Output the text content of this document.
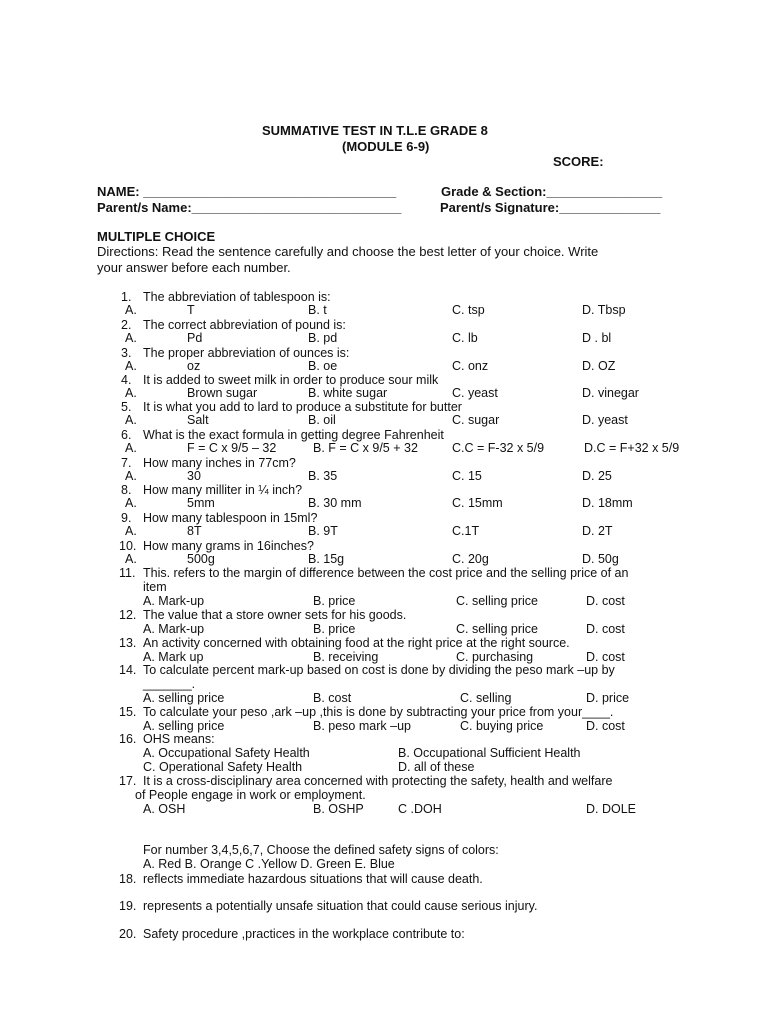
SUMMATIVE TEST IN T.L.E GRADE 8
(MODULE 6-9)
SCORE:
NAME: ___________________________________	Grade & Section:________________
Parent/s Name:_____________________________	Parent/s Signature:______________
MULTIPLE CHOICE
Directions: Read the sentence carefully and choose the best letter of your choice. Write
your answer before each number.
1. The abbreviation of tablespoon is:
A.	T	B. t	C. tsp	D. Tbsp
2. The correct abbreviation of pound is:
A.	Pd	B. pd	C. lb	D . bl
3. The proper abbreviation of ounces is:
A.	oz	B. oe	C. onz	D. OZ
4. It is added to sweet milk in order to produce sour milk
A.	Brown sugar	B. white sugar	C. yeast	D. vinegar
5. It is what you add to lard to produce a substitute for butter
A.	Salt	B. oil	C. sugar	D. yeast
6. What is the exact formula in getting degree Fahrenheit
A.	F = C x 9/5 – 32	B. F = C x 9/5 + 32	C.C = F-32 x 5/9	D.C = F+32 x 5/9
7. How many inches in 77cm?
A.	30	B. 35	C. 15	D. 25
8. How many milliter in ¼ inch?
A.	5mm	B. 30 mm	C. 15mm	D. 18mm
9. How many tablespoon in 15ml?
A.	8T	B. 9T	C.1T	D. 2T
10. How many grams in 16inches?
A.	500g	B. 15g	C. 20g	D. 50g
11. This. refers to the margin of difference between the cost price and the selling price of an
item
A. Mark-up	B. price	C. selling price	D. cost
12. The value that a store owner sets for his goods.
A. Mark-up	B. price	C. selling price	D. cost
13. An activity concerned with obtaining food at the right price at the right source.
A. Mark up	B. receiving	C. purchasing	D. cost
14. To calculate percent mark-up based on cost is done by dividing the peso mark –up by
_______.
A. selling price	B. cost	C. selling	D. price
15. To calculate your peso ,ark –up ,this is done by subtracting your price from your____.
A. selling price	B. peso mark –up	C. buying price	D. cost
16. OHS means:
A. Occupational Safety Health	B. Occupational Sufficient Health
C. Operational Safety Health	D. all of these
17. It is a cross-disciplinary area concerned with protecting the safety, health and welfare
of People engage in work or employment.
A. OSH	B. OSHP	C .DOH	D. DOLE
For number 3,4,5,6,7, Choose the defined safety signs of colors:
A. Red B. Orange C .Yellow D. Green E. Blue
18. reflects immediate hazardous situations that will cause death.
19. represents a potentially unsafe situation that could cause serious injury.
20. Safety procedure ,practices in the workplace contribute to:
